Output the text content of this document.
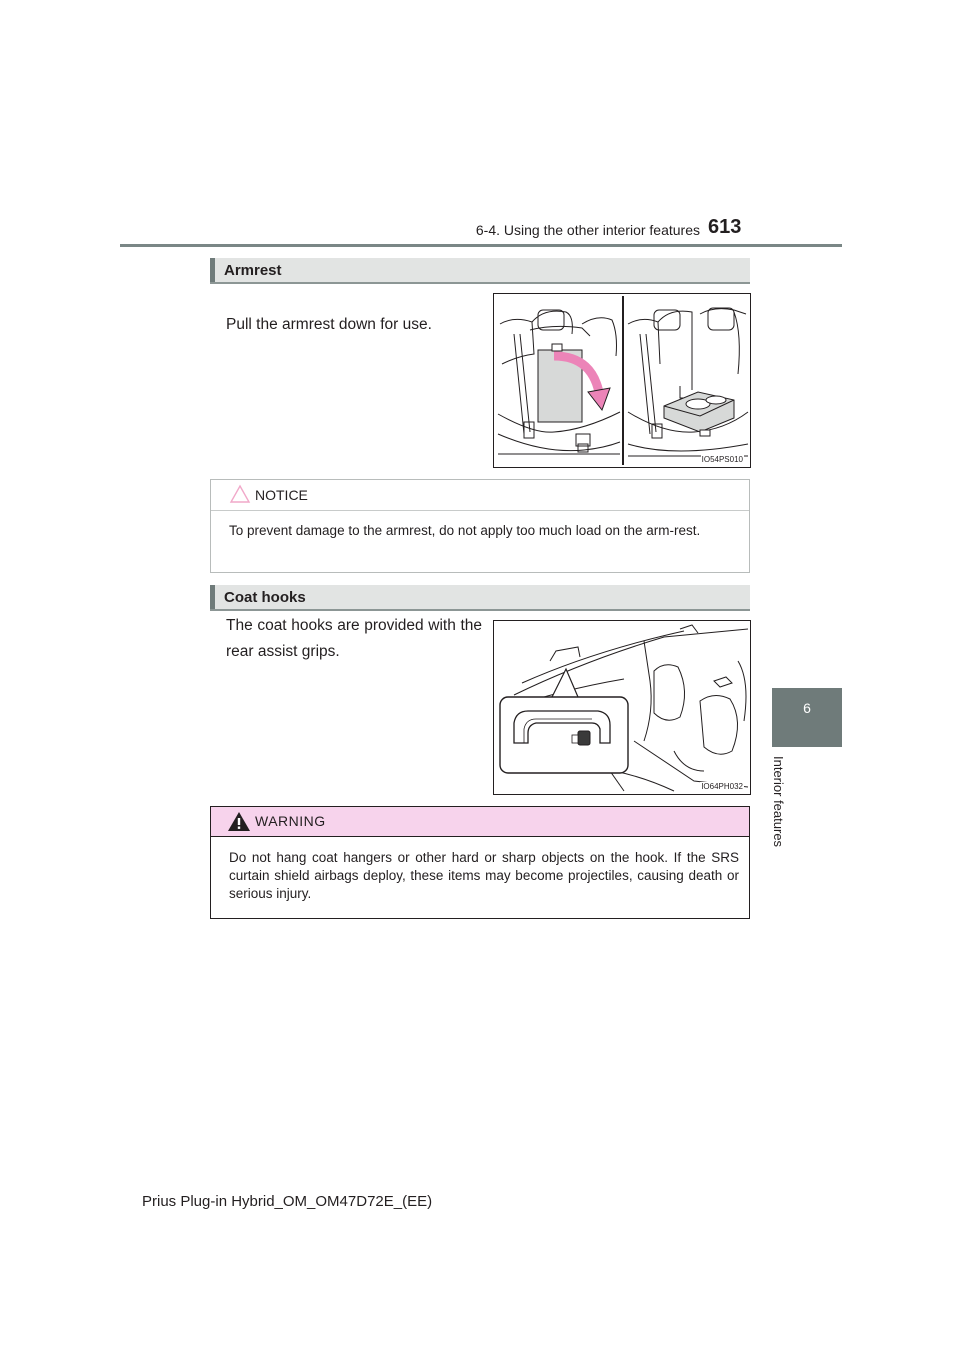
6-4. Using the other interior features 613
6
Interior features
Armrest
Pull the armrest down for use.
IO54PS010
NOTICE
To prevent damage to the armrest, do not apply too much load on the arm-rest.
Coat hooks
The coat hooks are provided with the rear assist grips.
IO64PH032
WARNING
Do not hang coat hangers or other hard or sharp objects on the hook. If the SRS curtain shield airbags deploy, these items may become projectiles, causing death or serious injury.
Prius Plug-in Hybrid_OM_OM47D72E_(EE)
